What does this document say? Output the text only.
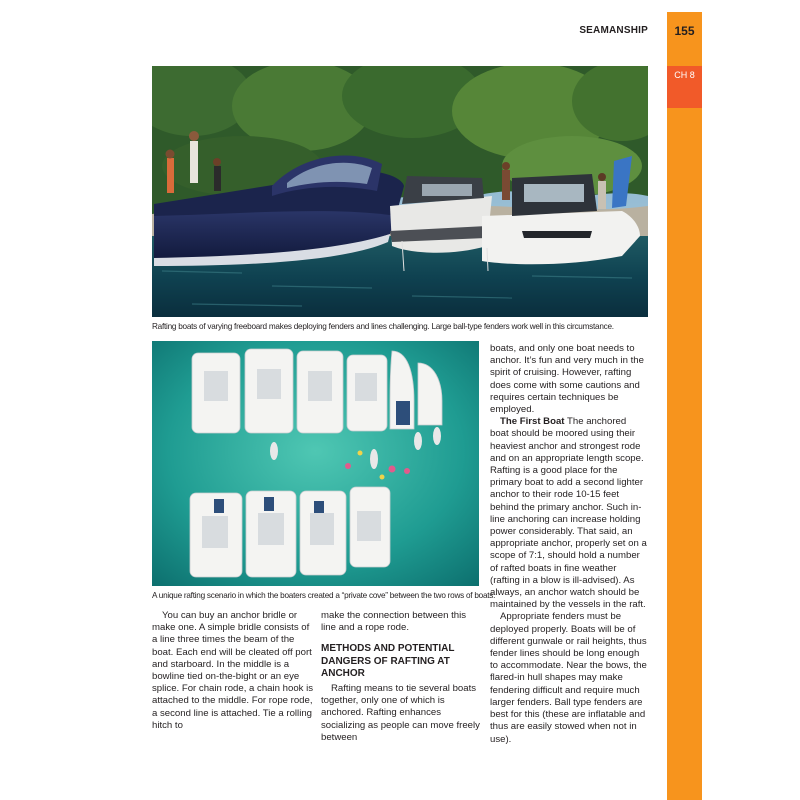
155
CH 8
SEAMANSHIP
Rafting boats of varying freeboard makes deploying fenders and lines challenging. Large ball-type fenders work well in this circumstance.
A unique rafting scenario in which the boaters created a “private cove” between the two rows of boats.

You can buy an anchor bridle or make one. A simple bridle consists of a line three times the beam of the boat. Each end will be cleated off port and starboard. In the middle is a bowline tied on-the-bight or an eye splice. For chain rode, a chain hook is attached to the middle. For rope rode, a second line is attached. Tie a rolling hitch to

make the connection between this line and a rope rode.

METHODS AND POTENTIAL DANGERS OF RAFTING AT ANCHOR

Rafting means to tie several boats together, only one of which is anchored. Rafting enhances socializing as people can move freely between

boats, and only one boat needs to anchor. It’s fun and very much in the spirit of cruising. However, rafting does come with some cautions and requires certain techniques be employed.

The First Boat The anchored boat should be moored using their heaviest anchor and strongest rode and on an appropriate length scope. Rafting is a good place for the primary boat to add a second lighter anchor to their rode 10-15 feet behind the primary anchor. Such in-line anchoring can increase holding power considerably. That said, an appropriate anchor, properly set on a scope of 7:1, should hold a number of rafted boats in fine weather (rafting in a blow is ill-advised). As always, an anchor watch should be maintained by the vessels in the raft.

Appropriate fenders must be deployed properly. Boats will be of different gunwale or rail heights, thus fender lines should be long enough to accommodate. Near the bows, the flared-in hull shapes may make fendering difficult and require much larger fenders. Ball type fenders are best for this (these are inflatable and thus are easily stowed when not in use).
